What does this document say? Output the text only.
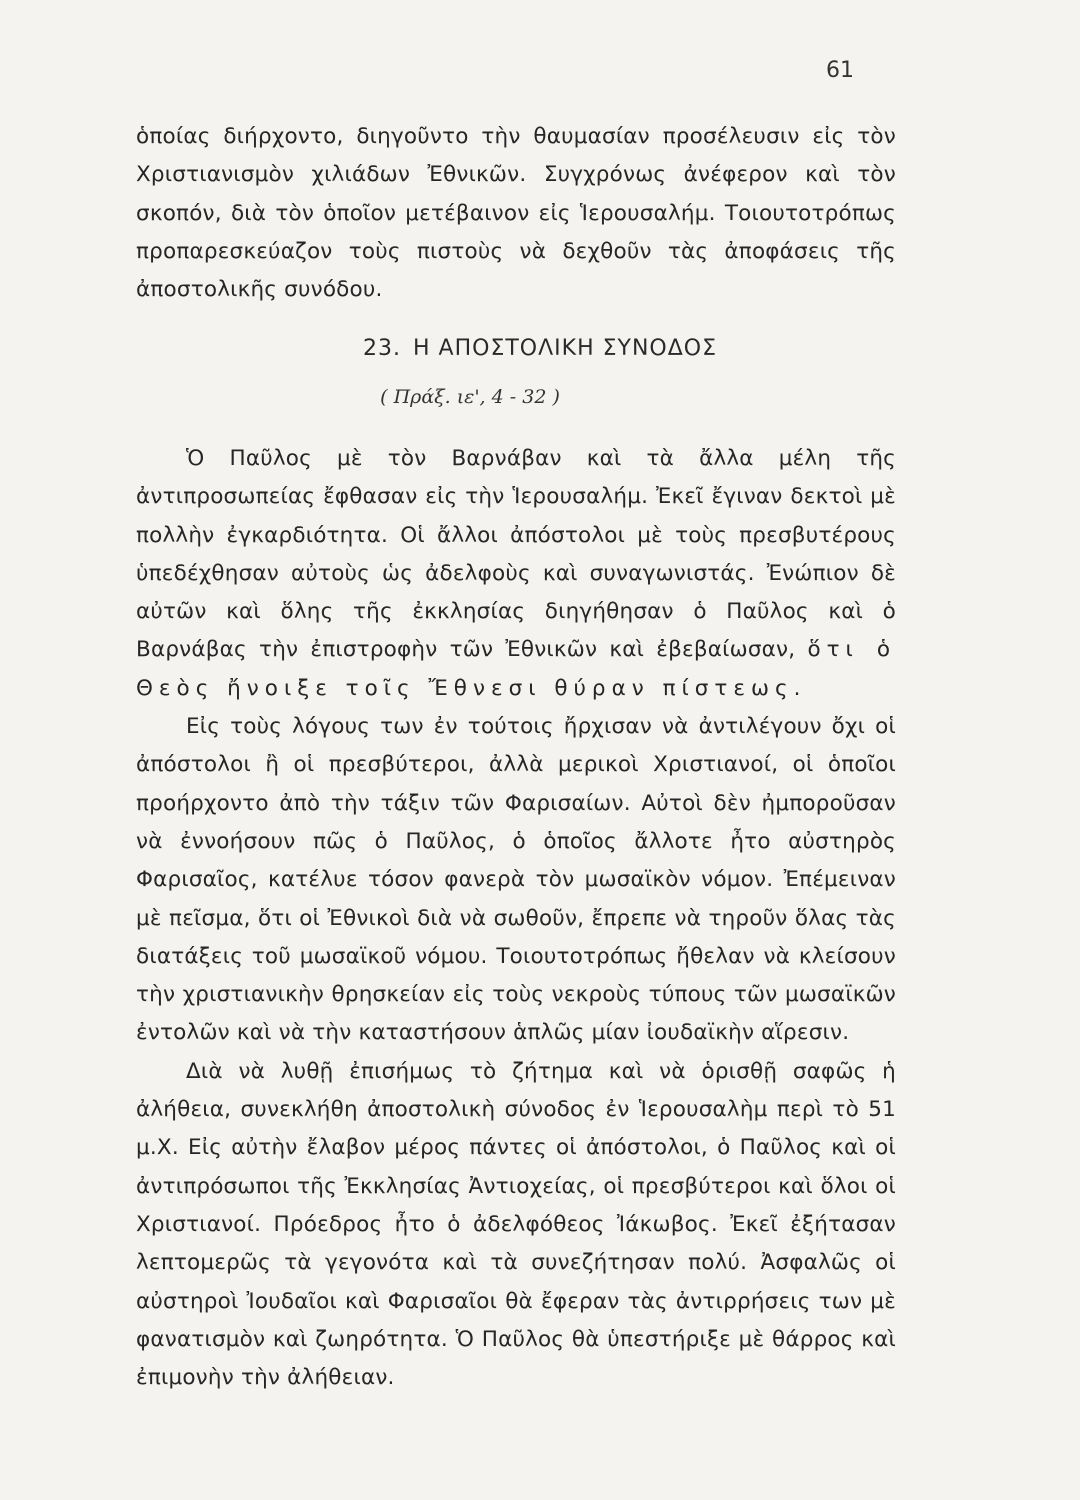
61

ὁποίας διήρχοντο, διηγοῦντο τὴν θαυμασίαν προσέλευσιν εἰς τὸν Χριστιανισμὸν χιλιάδων Ἐθνικῶν. Συγχρόνως ἀνέφερον καὶ τὸν σκοπόν, διὰ τὸν ὁποῖον μετέβαινον εἰς Ἱερουσαλήμ. Τοιουτοτρόπως προπαρεσκεύαζον τοὺς πιστοὺς νὰ δεχθοῦν τὰς ἀποφάσεις τῆς ἀποστολικῆς συνόδου.

23. Η ΑΠΟΣΤΟΛΙΚΗ ΣΥΝΟΔΟΣ
( Πράξ. ιε', 4 - 32 )

Ὁ Παῦλος μὲ τὸν Βαρνάβαν καὶ τὰ ἄλλα μέλη τῆς ἀντιπροσωπείας ἔφθασαν εἰς τὴν Ἱερουσαλήμ. Ἐκεῖ ἔγιναν δεκτοὶ μὲ πολλὴν ἐγκαρδιότητα. Οἱ ἄλλοι ἀπόστολοι μὲ τοὺς πρεσβυτέρους ὑπεδέχθησαν αὐτοὺς ὡς ἀδελφοὺς καὶ συναγωνιστάς. Ἐνώπιον δὲ αὐτῶν καὶ ὅλης τῆς ἐκκλησίας διηγήθησαν ὁ Παῦλος καὶ ὁ Βαρνάβας τὴν ἐπιστροφὴν τῶν Ἐθνικῶν καὶ ἐβεβαίωσαν, ὅτι ὁ Θεὸς ἤνοιξε τοῖς Ἔθνεσι θύραν πίστεως.

Εἰς τοὺς λόγους των ἐν τούτοις ἤρχισαν νὰ ἀντιλέγουν ὄχι οἱ ἀπόστολοι ἢ οἱ πρεσβύτεροι, ἀλλὰ μερικοὶ Χριστιανοί, οἱ ὁποῖοι προήρχοντο ἀπὸ τὴν τάξιν τῶν Φαρισαίων. Αὐτοὶ δὲν ἠμποροῦσαν νὰ ἐννοήσουν πῶς ὁ Παῦλος, ὁ ὁποῖος ἄλλοτε ἦτο αὐστηρὸς Φαρισαῖος, κατέλυε τόσον φανερὰ τὸν μωσαϊκὸν νόμον. Ἐπέμειναν μὲ πεῖσμα, ὅτι οἱ Ἐθνικοὶ διὰ νὰ σωθοῦν, ἔπρεπε νὰ τηροῦν ὅλας τὰς διατάξεις τοῦ μωσαϊκοῦ νόμου. Τοιουτοτρόπως ἤθελαν νὰ κλείσουν τὴν χριστιανικὴν θρησκείαν εἰς τοὺς νεκροὺς τύπους τῶν μωσαϊκῶν ἐντολῶν καὶ νὰ τὴν καταστήσουν ἁπλῶς μίαν ἰουδαϊκὴν αἵρεσιν.

Διὰ νὰ λυθῇ ἐπισήμως τὸ ζήτημα καὶ νὰ ὁρισθῇ σαφῶς ἡ ἀλήθεια, συνεκλήθη ἀποστολικὴ σύνοδος ἐν Ἱερουσαλὴμ περὶ τὸ 51 μ.Χ. Εἰς αὐτὴν ἔλαβον μέρος πάντες οἱ ἀπόστολοι, ὁ Παῦλος καὶ οἱ ἀντιπρόσωποι τῆς Ἐκκλησίας Ἀντιοχείας, οἱ πρεσβύτεροι καὶ ὅλοι οἱ Χριστιανοί. Πρόεδρος ἦτο ὁ ἀδελφόθεος Ἰάκωβος. Ἐκεῖ ἐξήτασαν λεπτομερῶς τὰ γεγονότα καὶ τὰ συνεζήτησαν πολύ. Ἀσφαλῶς οἱ αὐστηροὶ Ἰουδαῖοι καὶ Φαρισαῖοι θὰ ἔφεραν τὰς ἀντιρρήσεις των μὲ φανατισμὸν καὶ ζωηρότητα. Ὁ Παῦλος θὰ ὑπεστήριξε μὲ θάρρος καὶ ἐπιμονὴν τὴν ἀλήθειαν.
